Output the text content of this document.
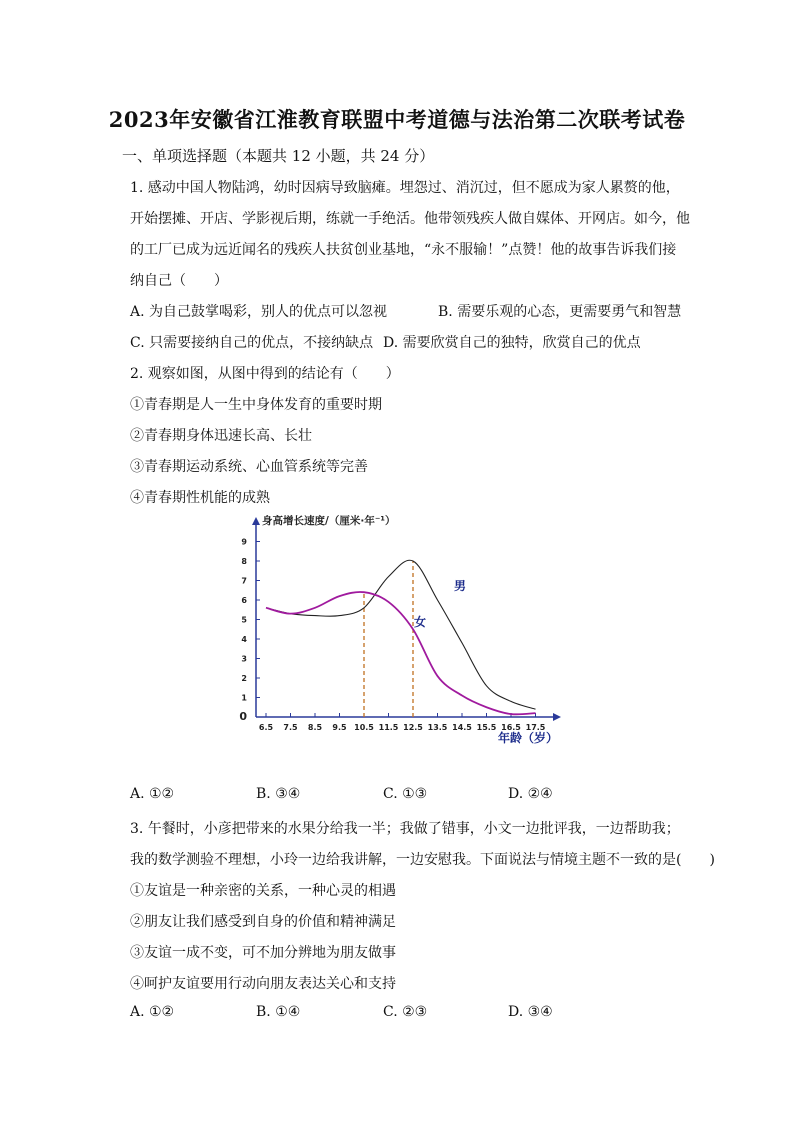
2023年安徽省江淮教育联盟中考道德与法治第二次联考试卷
一、单项选择题（本题共 12 小题，共 24 分）
1. 感动中国人物陆鸿，幼时因病导致脑瘫。埋怨过、消沉过，但不愿成为家人累赘的他，
开始摆摊、开店、学影视后期，练就一手绝活。他带领残疾人做自媒体、开网店。如今，他
的工厂已成为远近闻名的残疾人扶贫创业基地，“永不服输！”点赞！他的故事告诉我们接
纳自己（　　）
A. 为自己鼓掌喝彩，别人的优点可以忽视	B. 需要乐观的心态，更需要勇气和智慧
C. 只需要接纳自己的优点，不接纳缺点 D. 需要欣赏自己的独特，欣赏自己的优点
2. 观察如图，从图中得到的结论有（　　）
①青春期是人一生中身体发育的重要时期
②青春期身体迅速长高、长壮
③青春期运动系统、心血管系统等完善
④青春期性机能的成熟
0
1
2
3
4
5
6
7
8
9
6.5 7.5 8.5 9.5 10.5 11.5 12.5 13.5 14.5 15.5 16.5 17.5
男
女
身高增长速度/（厘米·年⁻¹）
年龄（岁）
A. ①②	B. ③④	C. ①③	D. ②④
3. 午餐时，小彦把带来的水果分给我一半；我做了错事，小文一边批评我，一边帮助我；
我的数学测验不理想，小玲一边给我讲解，一边安慰我。下面说法与情境主题不一致的是(　　)
①友谊是一种亲密的关系，一种心灵的相遇
②朋友让我们感受到自身的价值和精神满足
③友谊一成不变，可不加分辨地为朋友做事
④呵护友谊要用行动向朋友表达关心和支持
A. ①②	B. ①④	C. ②③	D. ③④
